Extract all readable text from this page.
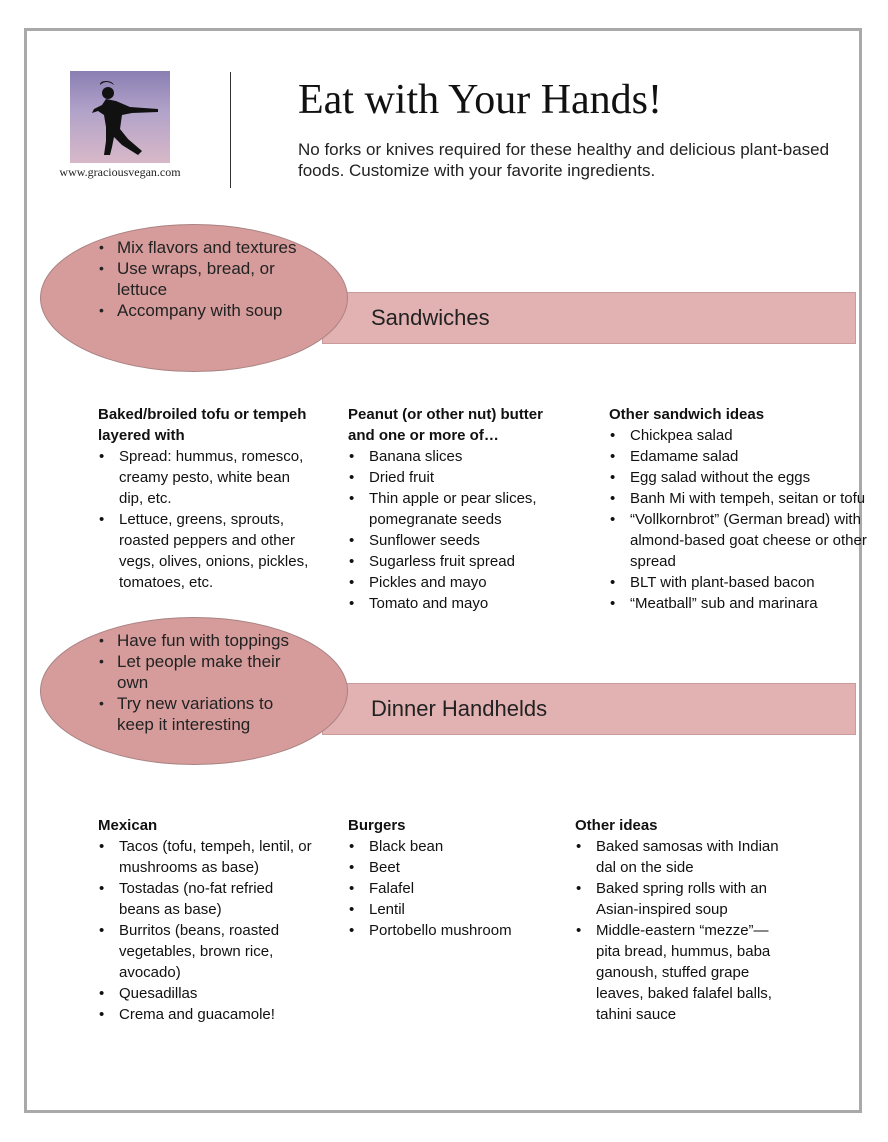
www.graciousvegan.com
Eat with Your Hands!

No forks or knives required for these healthy and delicious plant-based foods. Customize with your favorite ingredients.

Sandwiches
• Mix flavors and textures
• Use wraps, bread, or lettuce
• Accompany with soup

Baked/broiled tofu or tempeh layered with

• Spread: hummus, romesco, creamy pesto, white bean dip, etc.
• Lettuce, greens, sprouts, roasted peppers and other vegs, olives, onions, pickles, tomatoes, etc.

Peanut (or other nut) butter and one or more of…

• Banana slices
• Dried fruit
• Thin apple or pear slices, pomegranate seeds
• Sunflower seeds
• Sugarless fruit spread
• Pickles and mayo
• Tomato and mayo

Other sandwich ideas

• Chickpea salad
• Edamame salad
• Egg salad without the eggs
• Banh Mi with tempeh, seitan or tofu
• “Vollkornbrot” (German bread) with almond-based goat cheese or other spread
• BLT with plant-based bacon
• “Meatball” sub and marinara
Dinner Handhelds
• Have fun with toppings
• Let people make their own
• Try new variations to keep it interesting

Mexican

• Tacos (tofu, tempeh, lentil, or mushrooms as base)
• Tostadas (no-fat refried beans as base)
• Burritos (beans, roasted vegetables, brown rice, avocado)
• Quesadillas
• Crema and guacamole!

Burgers

• Black bean
• Beet
• Falafel
• Lentil
• Portobello mushroom

Other ideas

• Baked samosas with Indian dal on the side
• Baked spring rolls with an Asian-inspired soup
• Middle-eastern “mezze”—pita bread, hummus, baba ganoush, stuffed grape leaves, baked falafel balls, tahini sauce
